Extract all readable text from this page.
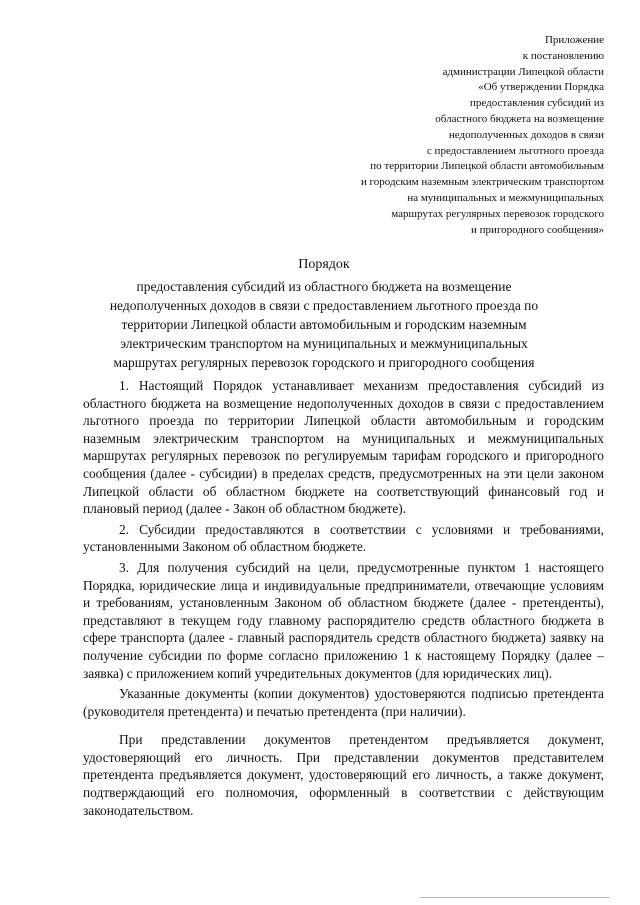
Приложение
к постановлению
администрации Липецкой области
«Об утверждении Порядка
предоставления субсидий из
областного бюджета на возмещение
недополученных доходов в связи
с предоставлением льготного проезда
по территории Липецкой области автомобильным
и городским наземным электрическим транспортом
на муниципальных и межмуниципальных
маршрутах регулярных перевозок городского
и пригородного сообщения»
Порядок
предоставления субсидий из областного бюджета на возмещение
недополученных доходов в связи с предоставлением льготного проезда по
территории Липецкой области автомобильным и городским наземным
электрическим транспортом на муниципальных и межмуниципальных
маршрутах регулярных перевозок городского и пригородного сообщения

1. Настоящий Порядок устанавливает механизм предоставления субсидий из областного бюджета на возмещение недополученных доходов в связи с предоставлением льготного проезда по территории Липецкой области автомобильным и городским наземным электрическим транспортом на муниципальных и межмуниципальных маршрутах регулярных перевозок по регулируемым тарифам городского и пригородного сообщения (далее - субсидии) в пределах средств, предусмотренных на эти цели законом Липецкой области об областном бюджете на соответствующий финансовый год и плановый период (далее - Закон об областном бюджете).

2. Субсидии предоставляются в соответствии с условиями и требованиями, установленными Законом об областном бюджете.

3. Для получения субсидий на цели, предусмотренные пунктом 1 настоящего Порядка, юридические лица и индивидуальные предприниматели, отвечающие условиям и требованиям, установленным Законом об областном бюджете (далее - претенденты), представляют в текущем году главному распорядителю средств областного бюджета в сфере транспорта (далее - главный распорядитель средств областного бюджета) заявку на получение субсидии по форме согласно приложению 1 к настоящему Порядку (далее – заявка) с приложением копий учредительных документов (для юридических лиц).

Указанные документы (копии документов) удостоверяются подписью претендента (руководителя претендента) и печатью претендента (при наличии).

При представлении документов претендентом предъявляется документ, удостоверяющий его личность. При представлении документов представителем претендента предъявляется документ, удостоверяющий его личность, а также документ, подтверждающий его полномочия, оформленный в соответствии с действующим законодательством.
